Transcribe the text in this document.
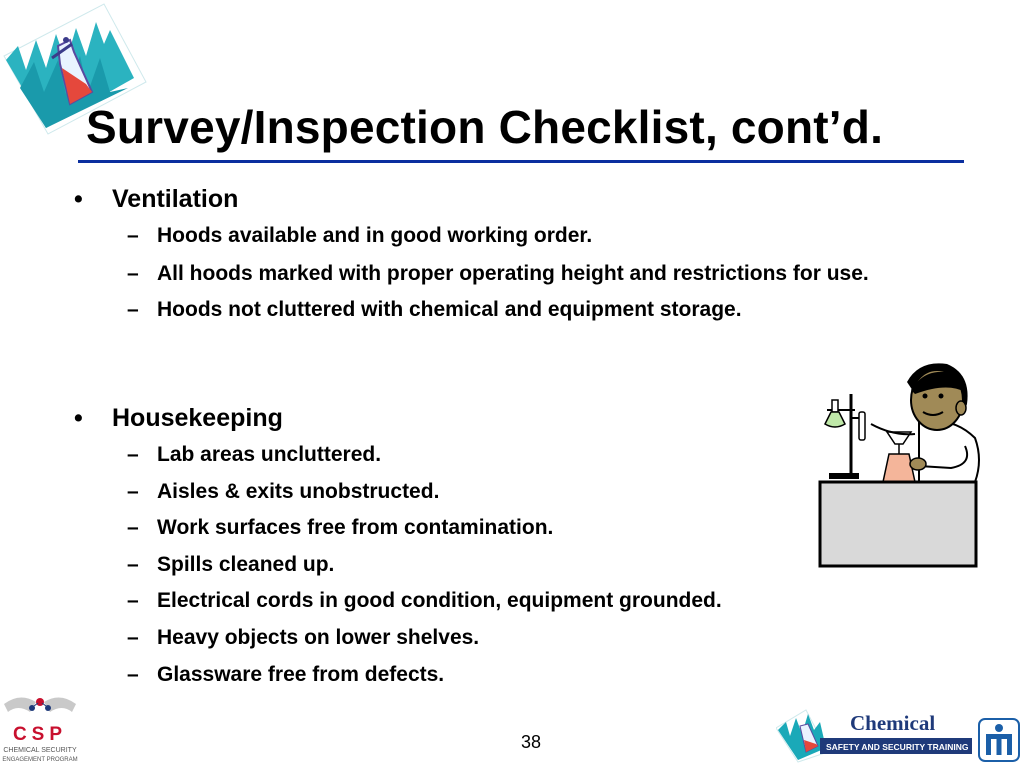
Survey/Inspection Checklist, cont’d.
• Ventilation
– Hoods available and in good working order.
– All hoods marked with proper operating height and restrictions for use.
– Hoods not cluttered with chemical and equipment storage.
• Housekeeping
– Lab areas uncluttered.
– Aisles & exits unobstructed.
– Work surfaces free from contamination.
– Spills cleaned up.
– Electrical cords in good condition, equipment grounded.
– Heavy objects on lower shelves.
– Glassware free from defects.
CSP
CHEMICAL SECURITY
ENGAGEMENT PROGRAM
38
Chemical
SAFETY AND SECURITY TRAINING
